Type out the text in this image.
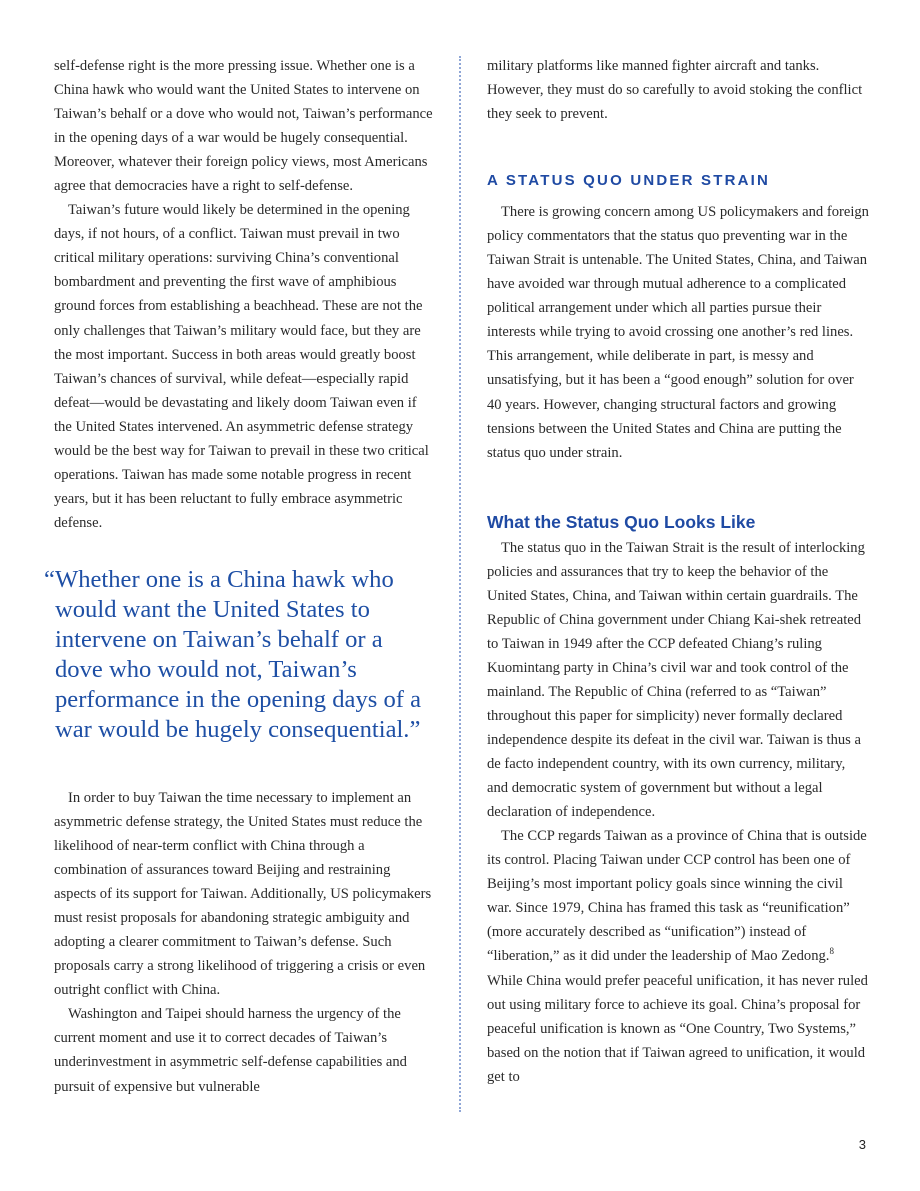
self-defense right is the more pressing issue. Whether one is a China hawk who would want the United States to intervene on Taiwan’s behalf or a dove who would not, Taiwan’s performance in the opening days of a war would be hugely consequential. Moreover, whatever their foreign policy views, most Americans agree that democracies have a right to self-defense.

Taiwan’s future would likely be determined in the opening days, if not hours, of a conflict. Taiwan must prevail in two critical military operations: surviving China’s conventional bombardment and preventing the first wave of amphibious ground forces from establishing a beachhead. These are not the only challenges that Taiwan’s military would face, but they are the most important. Success in both areas would greatly boost Taiwan’s chances of survival, while defeat—especially rapid defeat—would be devastating and likely doom Taiwan even if the United States intervened. An asymmetric defense strategy would be the best way for Taiwan to prevail in these two critical operations. Taiwan has made some notable progress in recent years, but it has been reluctant to fully embrace asymmetric defense.

“ Whether one is a China hawk who would want the United States to intervene on Taiwan’s behalf or a dove who would not, Taiwan’s performance in the opening days of a war would be hugely consequential.”

In order to buy Taiwan the time necessary to implement an asymmetric defense strategy, the United States must reduce the likelihood of near-term conflict with China through a combination of assurances toward Beijing and restraining aspects of its support for Taiwan. Additionally, US policymakers must resist proposals for abandoning strategic ambiguity and adopting a clearer commitment to Taiwan’s defense. Such proposals carry a strong likelihood of triggering a crisis or even outright conflict with China.

Washington and Taipei should harness the urgency of the current moment and use it to correct decades of Taiwan’s underinvestment in asymmetric self-defense capabilities and pursuit of expensive but vulnerable

military platforms like manned fighter aircraft and tanks. However, they must do so carefully to avoid stoking the conflict they seek to prevent.

A STATUS QUO UNDER STRAIN

There is growing concern among US policymakers and foreign policy commentators that the status quo preventing war in the Taiwan Strait is untenable. The United States, China, and Taiwan have avoided war through mutual adherence to a complicated political arrangement under which all parties pursue their interests while trying to avoid crossing one another’s red lines. This arrangement, while deliberate in part, is messy and unsatisfying, but it has been a “good enough” solution for over 40 years. However, changing structural factors and growing tensions between the United States and China are putting the status quo under strain.

What the Status Quo Looks Like

The status quo in the Taiwan Strait is the result of interlocking policies and assurances that try to keep the behavior of the United States, China, and Taiwan within certain guardrails. The Republic of China government under Chiang Kai-shek retreated to Taiwan in 1949 after the CCP defeated Chiang’s ruling Kuomintang party in China’s civil war and took control of the mainland. The Republic of China (referred to as “Taiwan” throughout this paper for simplicity) never formally declared independence despite its defeat in the civil war. Taiwan is thus a de facto independent country, with its own currency, military, and democratic system of government but without a legal declaration of independence.

The CCP regards Taiwan as a province of China that is outside its control. Placing Taiwan under CCP control has been one of Beijing’s most important policy goals since winning the civil war. Since 1979, China has framed this task as “reunification” (more accurately described as “unification”) instead of “liberation,” as it did under the leadership of Mao Zedong.$^8$ While China would prefer peaceful unification, it has never ruled out using military force to achieve its goal. China’s proposal for peaceful unification is known as “One Country, Two Systems,” based on the notion that if Taiwan agreed to unification, it would get to

3
